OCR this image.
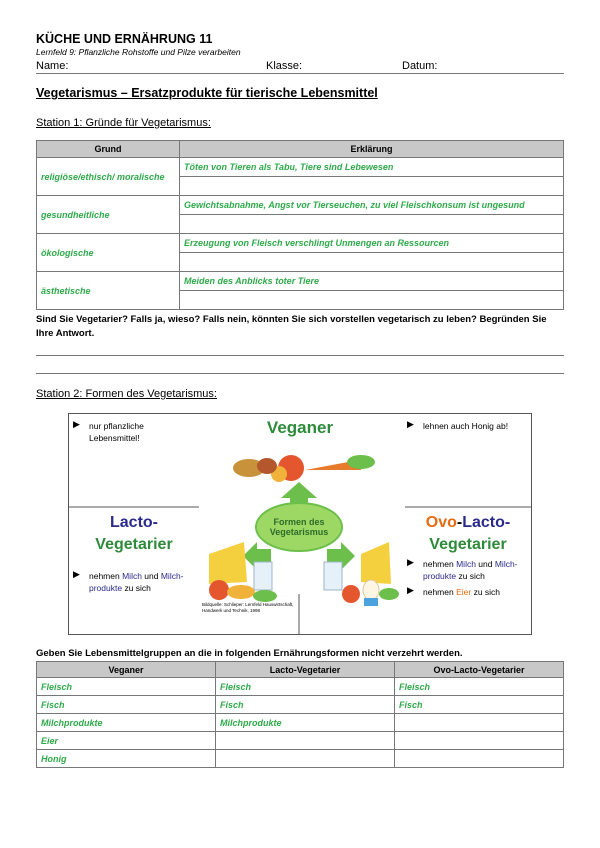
KÜCHE UND ERNÄHRUNG 11
Lernfeld 9: Pflanzliche Rohstoffe und Pilze verarbeiten
Name:	Klasse:	Datum:
Vegetarismus – Ersatzprodukte für tierische Lebensmittel
Station 1: Gründe für Vegetarismus:
Grund	Erklärung
religiöse/ethisch/ moralische	Töten von Tieren als Tabu, Tiere sind Lebewesen

gesundheitliche	Gewichtsabnahme, Angst vor Tierseuchen, zu viel Fleischkonsum ist ungesund

ökologische	Erzeugung von Fleisch verschlingt Unmengen an Ressourcen

ästhetische	Meiden des Anblicks toter Tiere

Sind Sie Vegetarier? Falls ja, wieso? Falls nein, könnten Sie sich vorstellen vegetarisch zu leben? Begründen Sie Ihre Antwort.
Station 2: Formen des Vegetarismus:
▶ nur pflanzliche
Lebensmittel!
Veganer	▶ lehnen auch Honig ab!
Lacto-
Vegetarier
Ovo-Lacto-
Vegetarier
Formen des
Vegetarismus
▶ nehmen Milch und Milch-
produkte zu sich
▶ nehmen Milch und Milch-
produkte zu sich
▶ nehmen Eier zu sich
Bildquelle: Schlieper: Lernfeld Hauswirtschaft,
Handwerk und Technik, 1998
Geben Sie Lebensmittelgruppen an die in folgenden Ernährungsformen nicht verzehrt werden.
Veganer	Lacto-Vegetarier	Ovo-Lacto-Vegetarier
Fleisch	Fleisch	Fleisch
Fisch	Fisch	Fisch
Milchprodukte	Milchprodukte	
Eier		
Honig		
